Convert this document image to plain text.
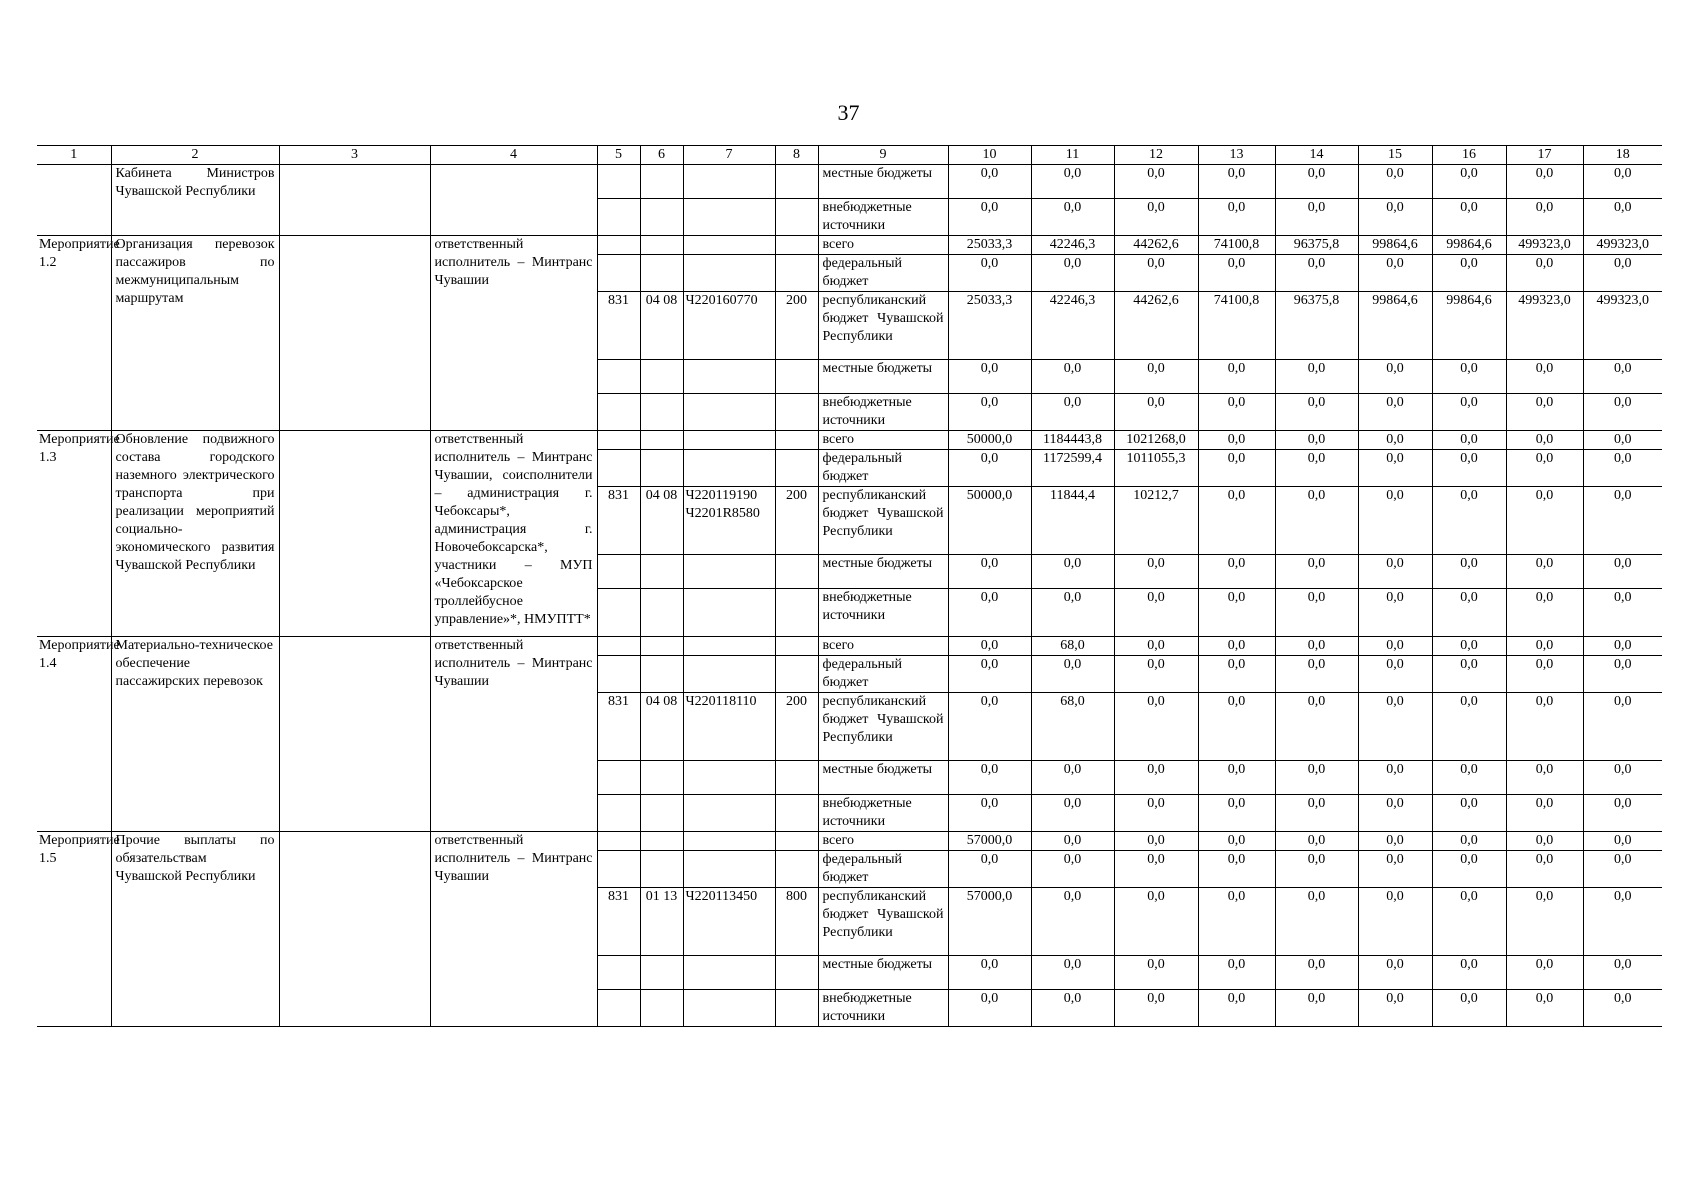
37
1	2	3	4	5	6	7	8	9	10	11	12	13	14	15	16	17	18
	Кабинета Министров Чувашской Республики							местные бюджеты	0,0	0,0	0,0	0,0	0,0	0,0	0,0	0,0	0,0
								внебюджетные источники	0,0	0,0	0,0	0,0	0,0	0,0	0,0	0,0	0,0
Мероприятие 1.2	Организация перевозок пассажиров по межмуниципальным маршрутам		ответственный исполнитель – Минтранс Чувашии					всего	25033,3	42246,3	44262,6	74100,8	96375,8	99864,6	99864,6	499323,0	499323,0
								федеральный бюджет	0,0	0,0	0,0	0,0	0,0	0,0	0,0	0,0	0,0
				831	04 08	Ч220160770	200	республиканский бюджет Чувашской Республики	25033,3	42246,3	44262,6	74100,8	96375,8	99864,6	99864,6	499323,0	499323,0
								местные бюджеты	0,0	0,0	0,0	0,0	0,0	0,0	0,0	0,0	0,0
								внебюджетные источники	0,0	0,0	0,0	0,0	0,0	0,0	0,0	0,0	0,0
Мероприятие 1.3	Обновление подвижного состава городского наземного электрического транспорта при реализации мероприятий социально-экономического развития Чувашской Республики		ответственный исполнитель – Минтранс Чувашии, соисполнители – администрация г. Чебоксары*, администрация г. Новочебоксарска*, участники – МУП «Чебоксарское троллейбусное управление»*, НМУПТТ*					всего	50000,0	1184443,8	1021268,0	0,0	0,0	0,0	0,0	0,0	0,0
								федеральный бюджет	0,0	1172599,4	1011055,3	0,0	0,0	0,0	0,0	0,0	0,0
				831	04 08	Ч220119190 Ч2201R8580	200	республиканский бюджет Чувашской Республики	50000,0	11844,4	10212,7	0,0	0,0	0,0	0,0	0,0	0,0
								местные бюджеты	0,0	0,0	0,0	0,0	0,0	0,0	0,0	0,0	0,0
								внебюджетные источники	0,0	0,0	0,0	0,0	0,0	0,0	0,0	0,0	0,0
Мероприятие 1.4	Материально-техническое обеспечение пассажирских перевозок		ответственный исполнитель – Минтранс Чувашии					всего	0,0	68,0	0,0	0,0	0,0	0,0	0,0	0,0	0,0
								федеральный бюджет	0,0	0,0	0,0	0,0	0,0	0,0	0,0	0,0	0,0
				831	04 08	Ч220118110	200	республиканский бюджет Чувашской Республики	0,0	68,0	0,0	0,0	0,0	0,0	0,0	0,0	0,0
								местные бюджеты	0,0	0,0	0,0	0,0	0,0	0,0	0,0	0,0	0,0
								внебюджетные источники	0,0	0,0	0,0	0,0	0,0	0,0	0,0	0,0	0,0
Мероприятие 1.5	Прочие выплаты по обязательствам Чувашской Республики		ответственный исполнитель – Минтранс Чувашии					всего	57000,0	0,0	0,0	0,0	0,0	0,0	0,0	0,0	0,0
								федеральный бюджет	0,0	0,0	0,0	0,0	0,0	0,0	0,0	0,0	0,0
				831	01 13	Ч220113450	800	республиканский бюджет Чувашской Республики	57000,0	0,0	0,0	0,0	0,0	0,0	0,0	0,0	0,0
								местные бюджеты	0,0	0,0	0,0	0,0	0,0	0,0	0,0	0,0	0,0
								внебюджетные источники	0,0	0,0	0,0	0,0	0,0	0,0	0,0	0,0	0,0
